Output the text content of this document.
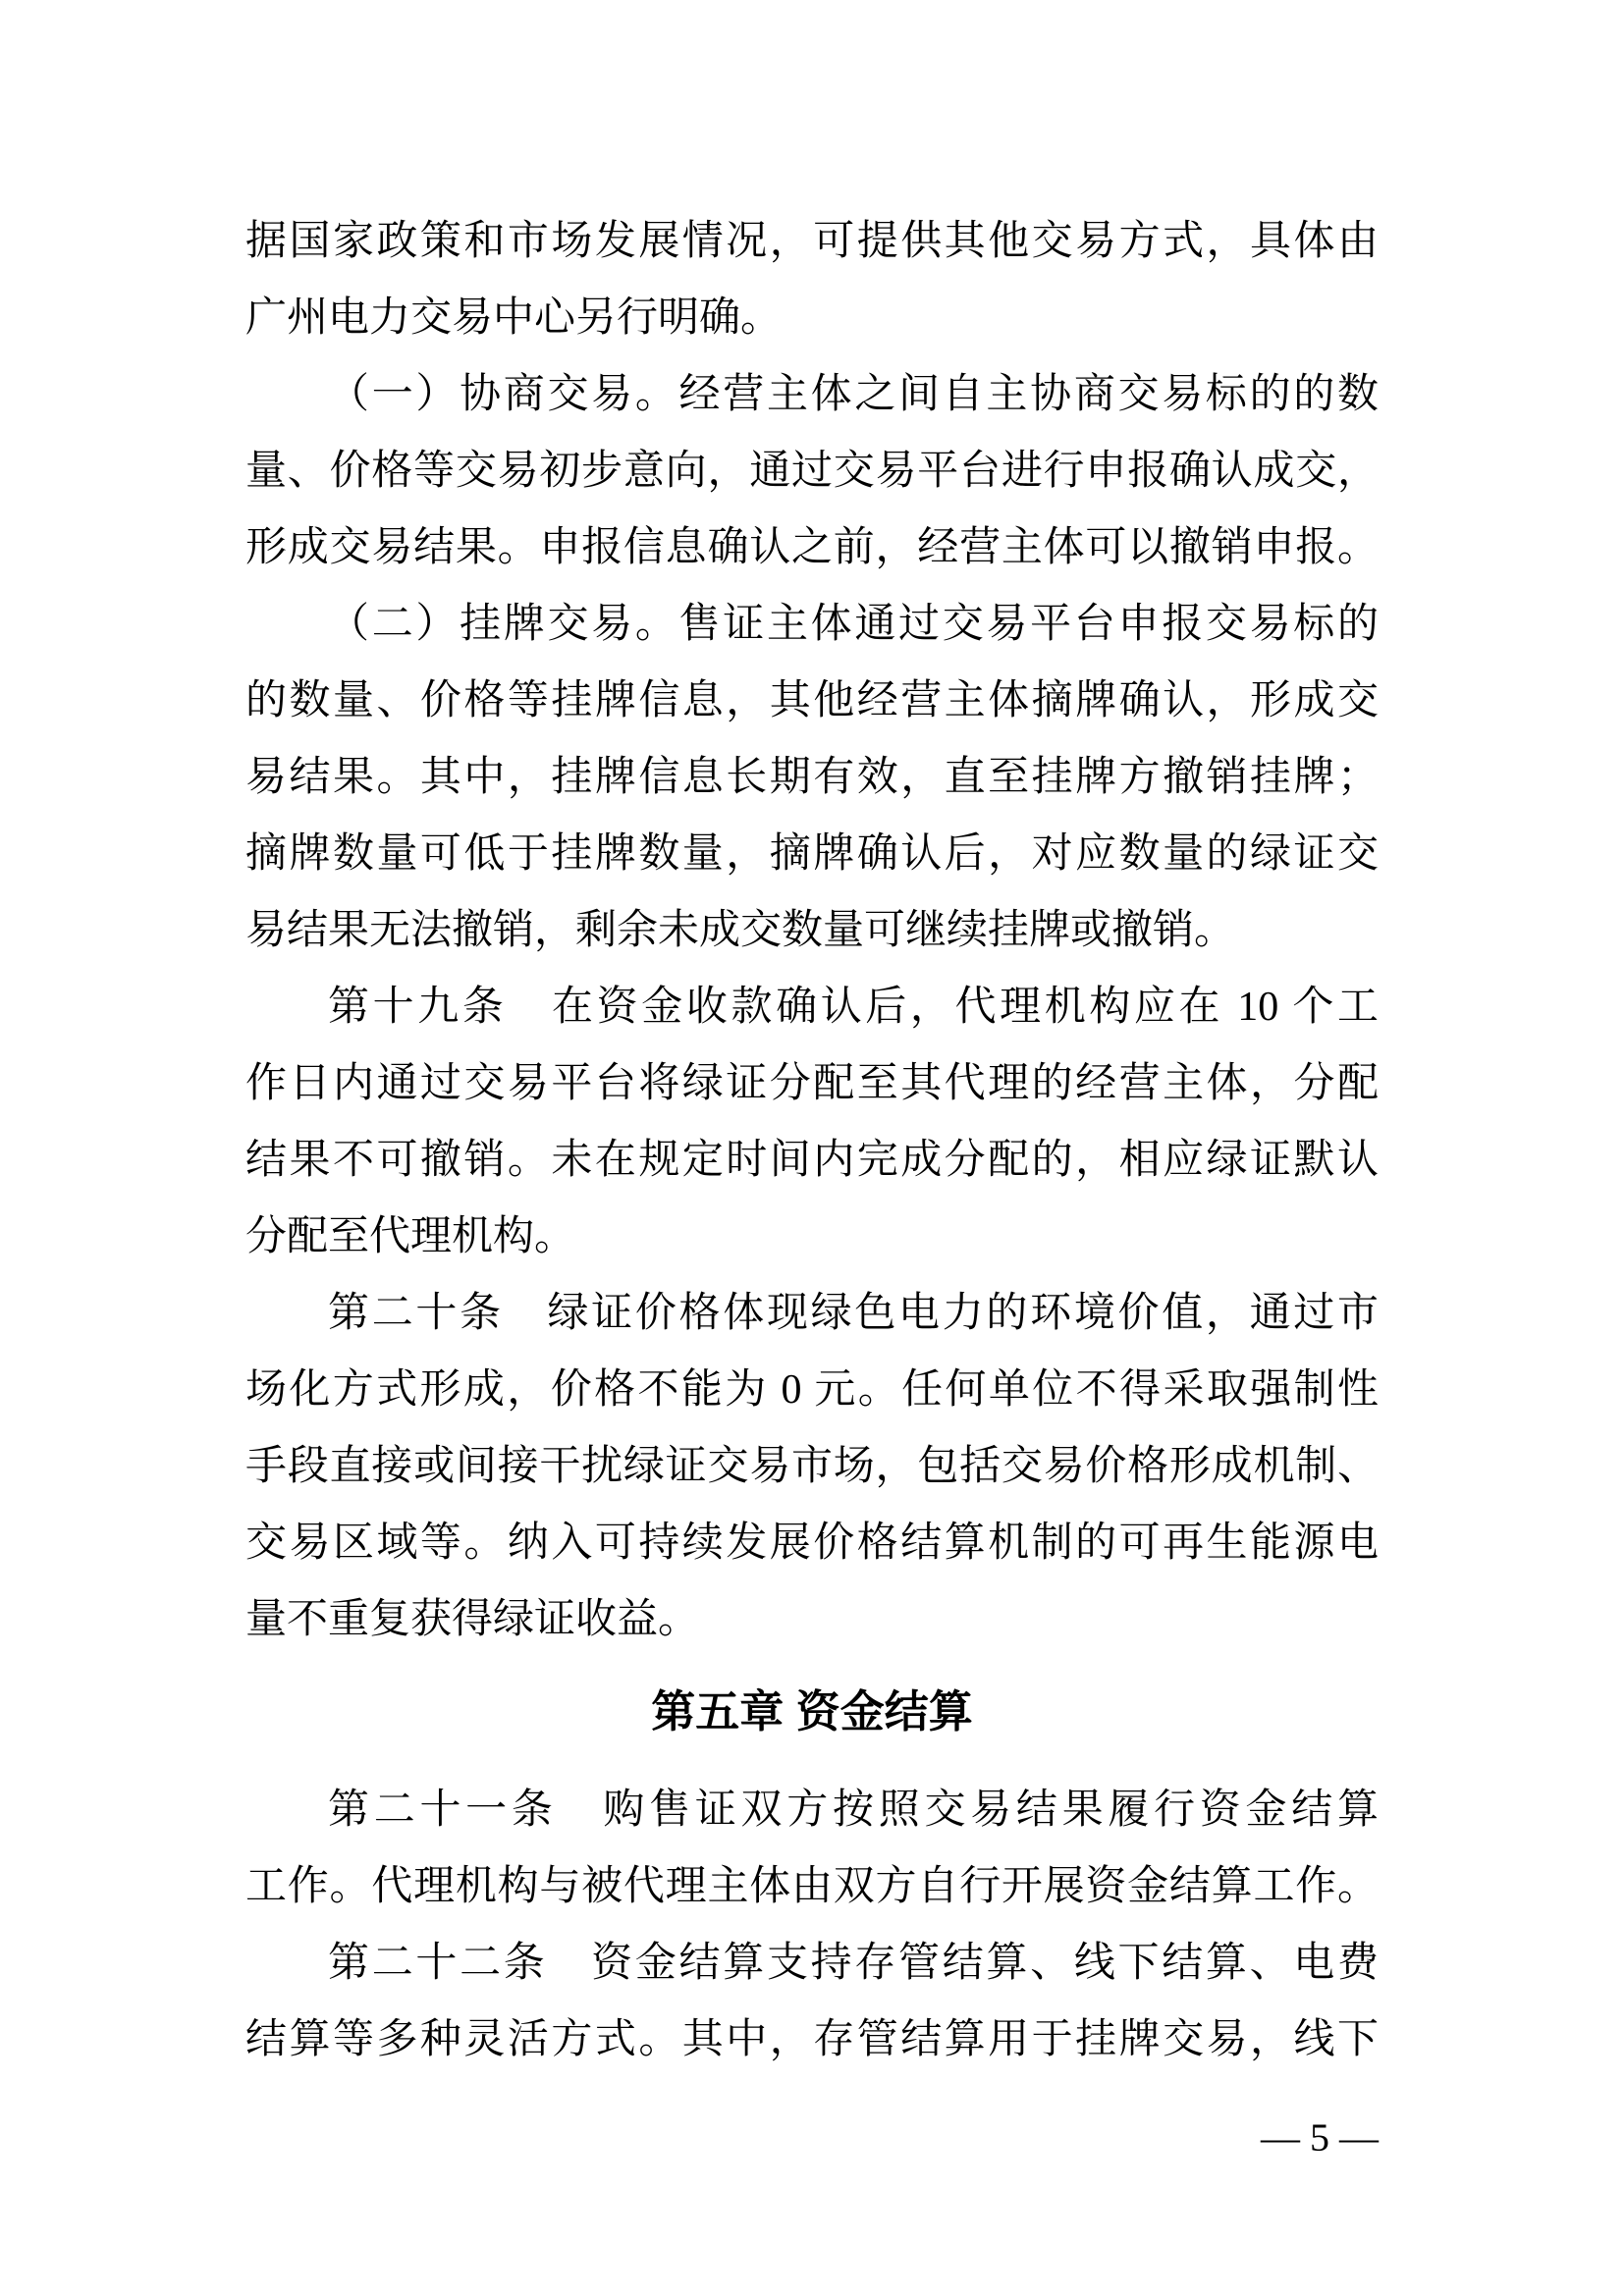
据国家政策和市场发展情况，可提供其他交易方式，具体由
广州电力交易中心另行明确。
（一）协商交易。经营主体之间自主协商交易标的的数
量、价格等交易初步意向，通过交易平台进行申报确认成交，
形成交易结果。申报信息确认之前，经营主体可以撤销申报。
（二）挂牌交易。售证主体通过交易平台申报交易标的
的数量、价格等挂牌信息，其他经营主体摘牌确认，形成交
易结果。其中，挂牌信息长期有效，直至挂牌方撤销挂牌；
摘牌数量可低于挂牌数量，摘牌确认后，对应数量的绿证交
易结果无法撤销，剩余未成交数量可继续挂牌或撤销。
第十九条　在资金收款确认后，代理机构应在 10 个工
作日内通过交易平台将绿证分配至其代理的经营主体，分配
结果不可撤销。未在规定时间内完成分配的，相应绿证默认
分配至代理机构。
第二十条　绿证价格体现绿色电力的环境价值，通过市
场化方式形成，价格不能为 0 元。任何单位不得采取强制性
手段直接或间接干扰绿证交易市场，包括交易价格形成机制、
交易区域等。纳入可持续发展价格结算机制的可再生能源电
量不重复获得绿证收益。
第五章 资金结算
第二十一条　购售证双方按照交易结果履行资金结算
工作。代理机构与被代理主体由双方自行开展资金结算工作。
第二十二条　资金结算支持存管结算、线下结算、电费
结算等多种灵活方式。其中，存管结算用于挂牌交易，线下
— 5 —
